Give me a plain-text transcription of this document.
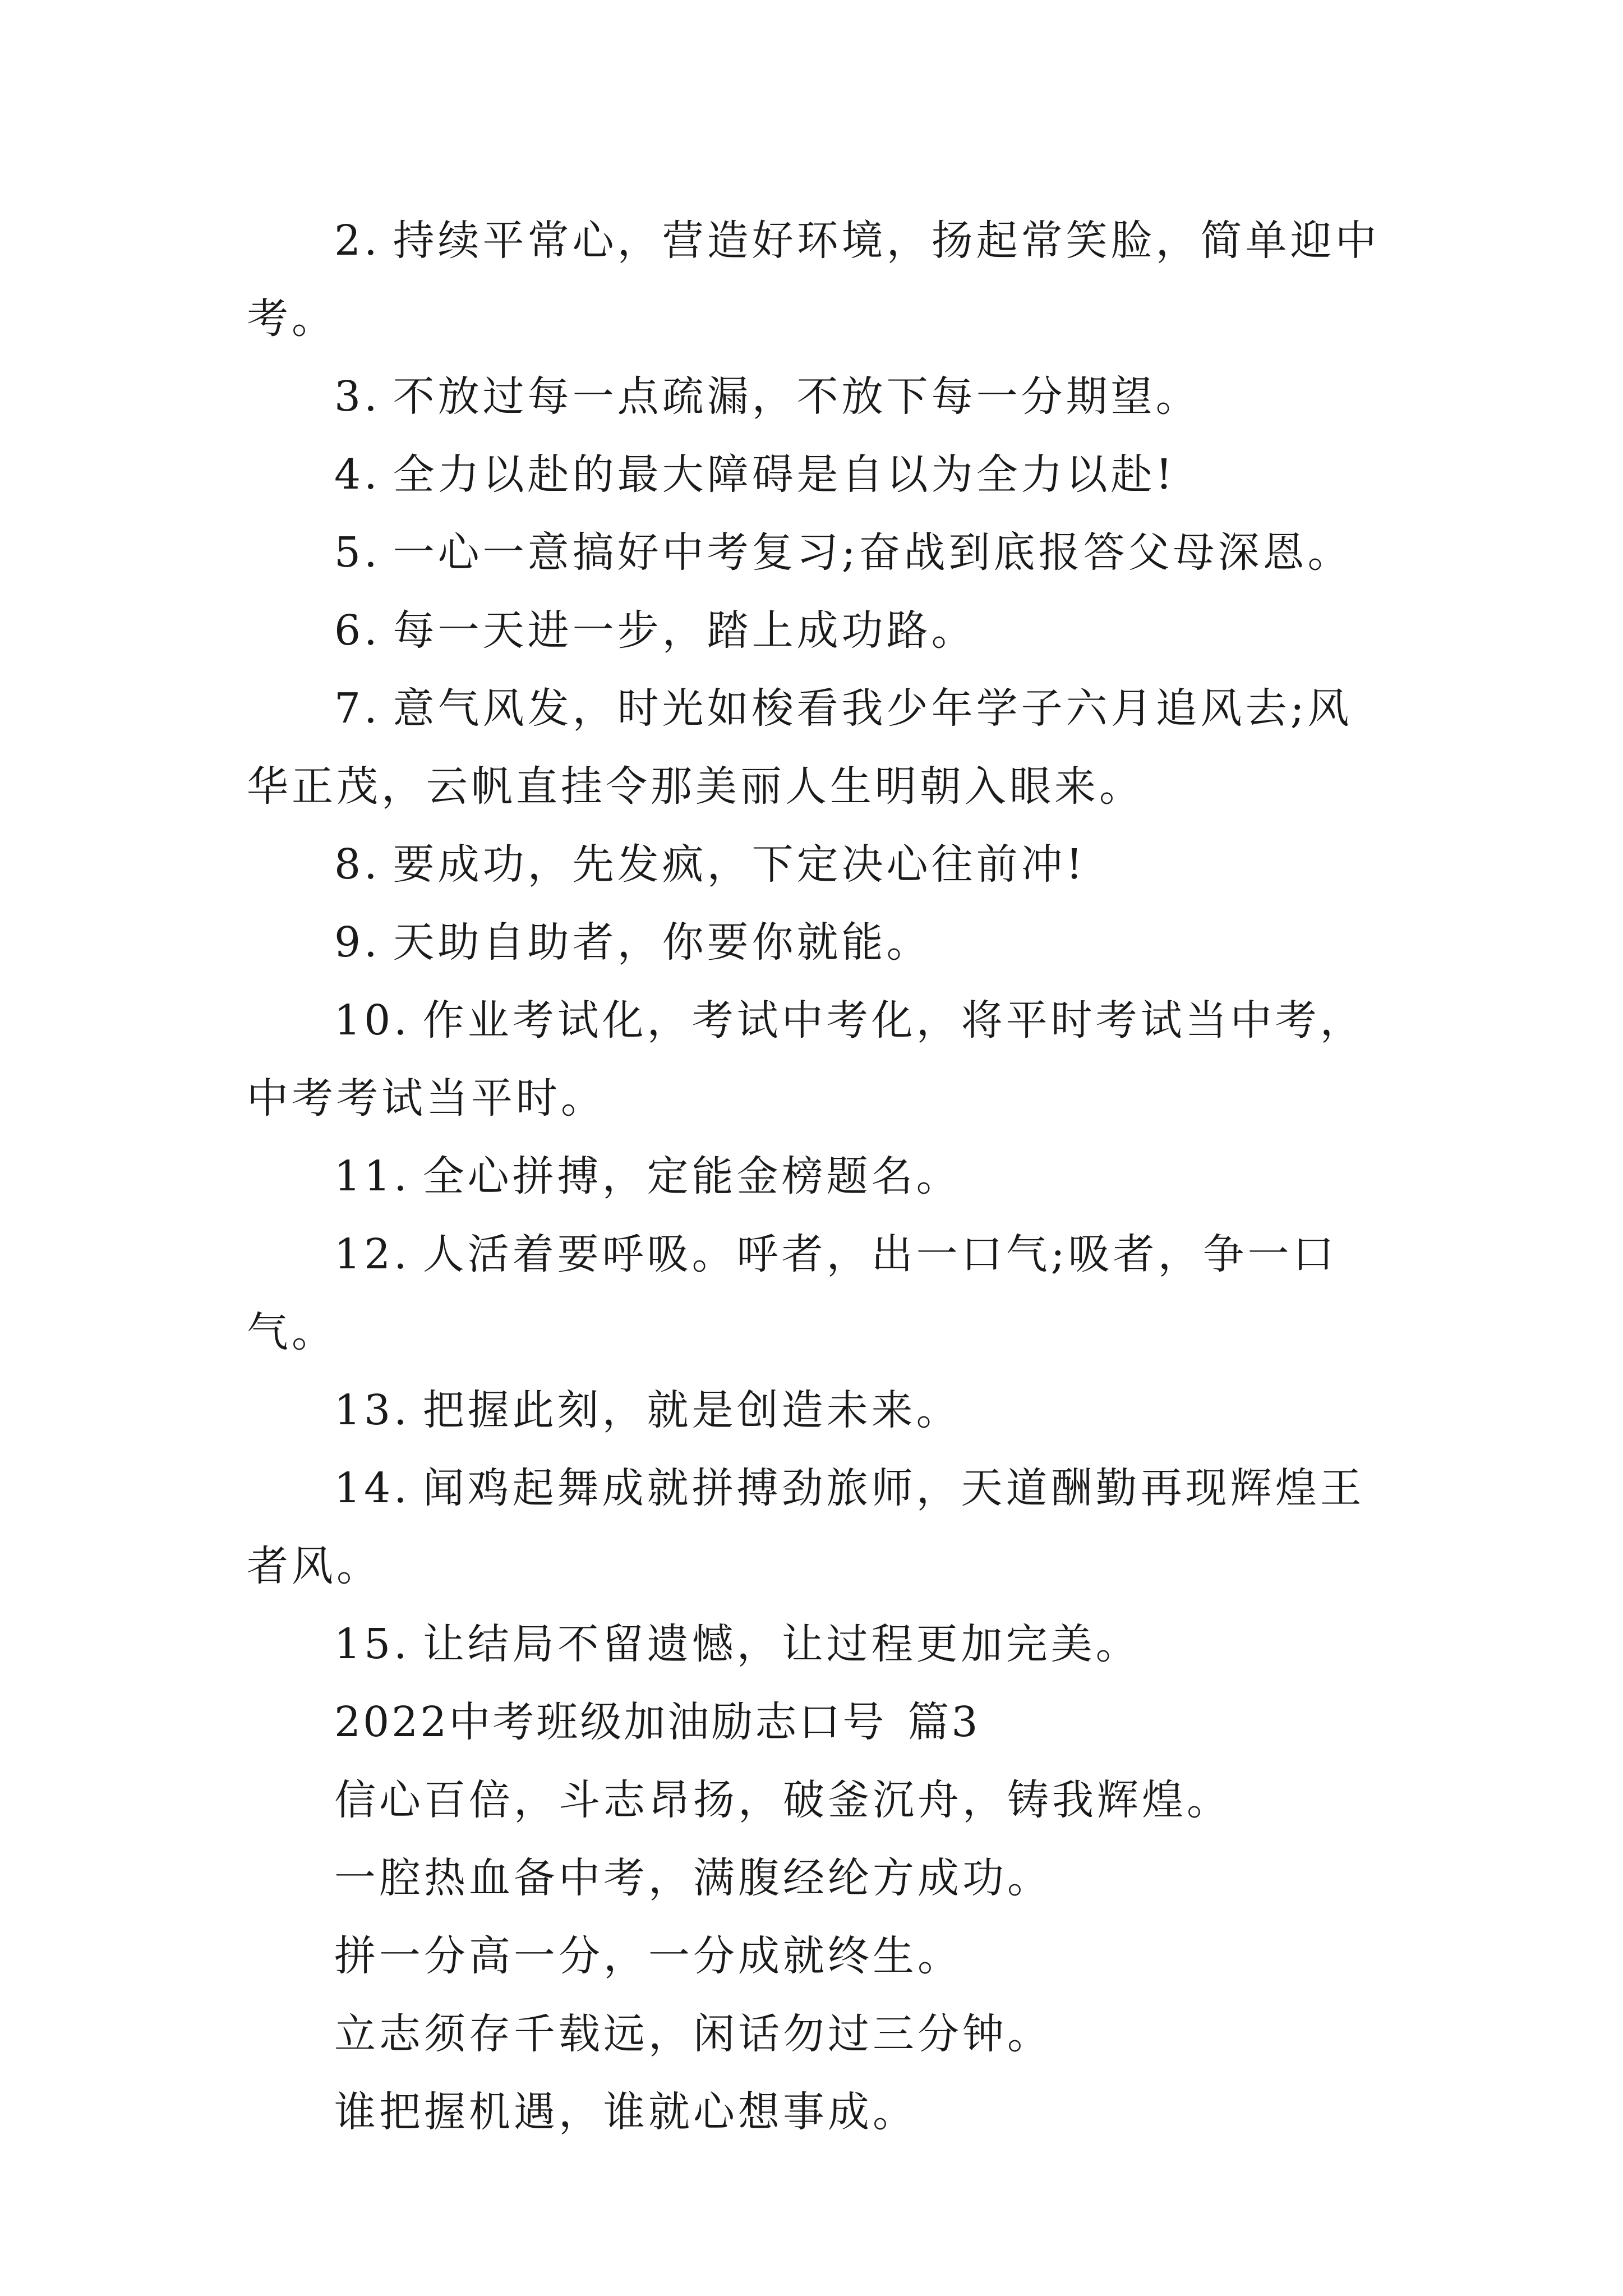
2. 持续平常心，营造好环境，扬起常笑脸，简单迎中考。

3. 不放过每一点疏漏，不放下每一分期望。

4. 全力以赴的最大障碍是自以为全力以赴!

5. 一心一意搞好中考复习;奋战到底报答父母深恩。

6. 每一天进一步，踏上成功路。

7. 意气风发，时光如梭看我少年学子六月追风去;风华正茂，云帆直挂令那美丽人生明朝入眼来。

8. 要成功，先发疯，下定决心往前冲!

9. 天助自助者，你要你就能。

10. 作业考试化，考试中考化，将平时考试当中考，中考考试当平时。

11. 全心拼搏，定能金榜题名。

12. 人活着要呼吸。呼者，出一口气;吸者，争一口气。

13. 把握此刻，就是创造未来。

14. 闻鸡起舞成就拼搏劲旅师，天道酬勤再现辉煌王者风。

15. 让结局不留遗憾，让过程更加完美。

2022中考班级加油励志口号 篇3

信心百倍，斗志昂扬，破釜沉舟，铸我辉煌。

一腔热血备中考，满腹经纶方成功。

拼一分高一分，一分成就终生。

立志须存千载远，闲话勿过三分钟。

谁把握机遇，谁就心想事成。
